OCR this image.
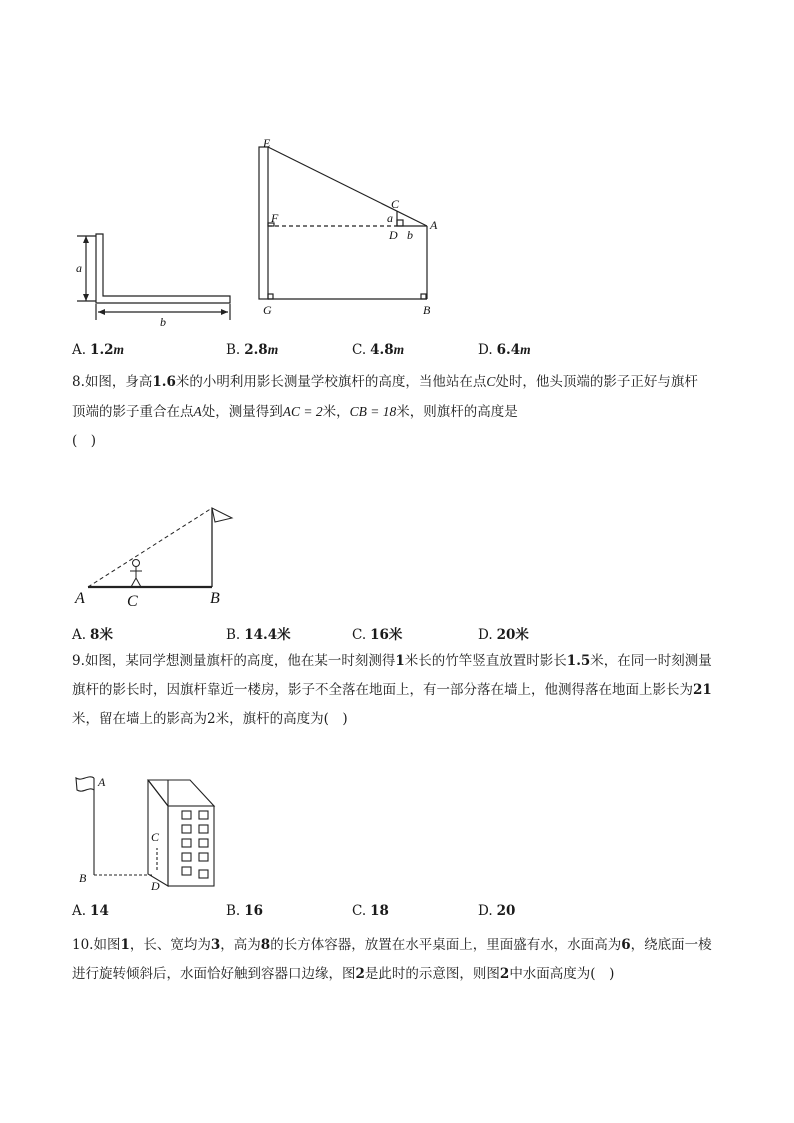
a
b
E
C
F	a
D b
A
G	B
A. 1.2m	B. 2.8m	C. 4.8m	D. 6.4m

8.如图，身高1.6米的小明利用影长测量学校旗杆的高度，当他站在点C处时，他头顶端的影子正好与旗杆

顶端的影子重合在点A处，测量得到AC = 2米，CB = 18米，则旗杆的高度是

(　)

A	C	B
A. 8米	B. 14.4米	C. 16米	D. 20米

9.如图，某同学想测量旗杆的高度，他在某一时刻测得1米长的竹竿竖直放置时影长1.5米，在同一时刻测量

旗杆的影长时，因旗杆靠近一楼房，影子不全落在地面上，有一部分落在墙上，他测得落在地面上影长为21

米，留在墙上的影高为2米，旗杆的高度为(　)

A
C
B
D
A. 14	B. 16	C. 18	D. 20

10.如图1，长、宽均为3，高为8的长方体容器，放置在水平桌面上，里面盛有水，水面高为6，绕底面一棱

进行旋转倾斜后，水面恰好触到容器口边缘，图2是此时的示意图，则图2中水面高度为(　)
